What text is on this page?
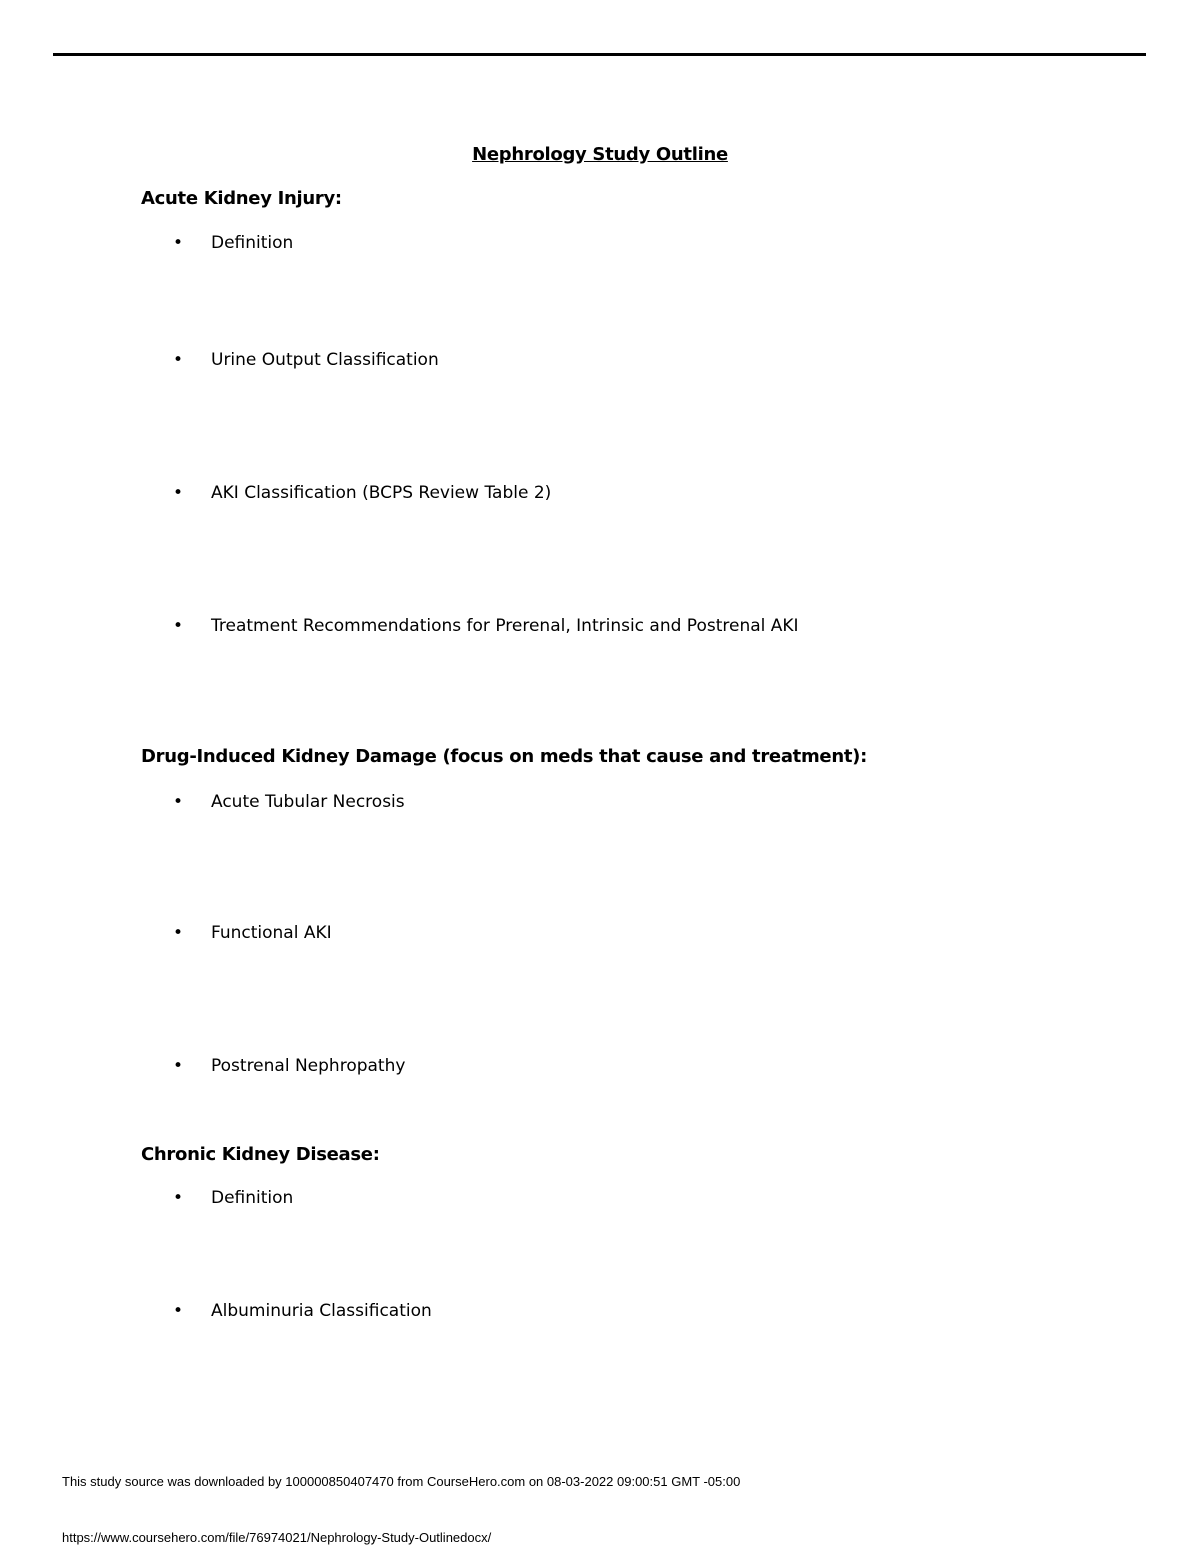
Nephrology Study Outline
Acute Kidney Injury:
• Definition
• Urine Output Classification
• AKI Classification (BCPS Review Table 2)
• Treatment Recommendations for Prerenal, Intrinsic and Postrenal AKI
Drug-Induced Kidney Damage (focus on meds that cause and treatment):
• Acute Tubular Necrosis
• Functional AKI
• Postrenal Nephropathy
Chronic Kidney Disease:
• Definition
• Albuminuria Classification
This study source was downloaded by 100000850407470 from CourseHero.com on 08-03-2022 09:00:51 GMT -05:00
https://www.coursehero.com/file/76974021/Nephrology-Study-Outlinedocx/
